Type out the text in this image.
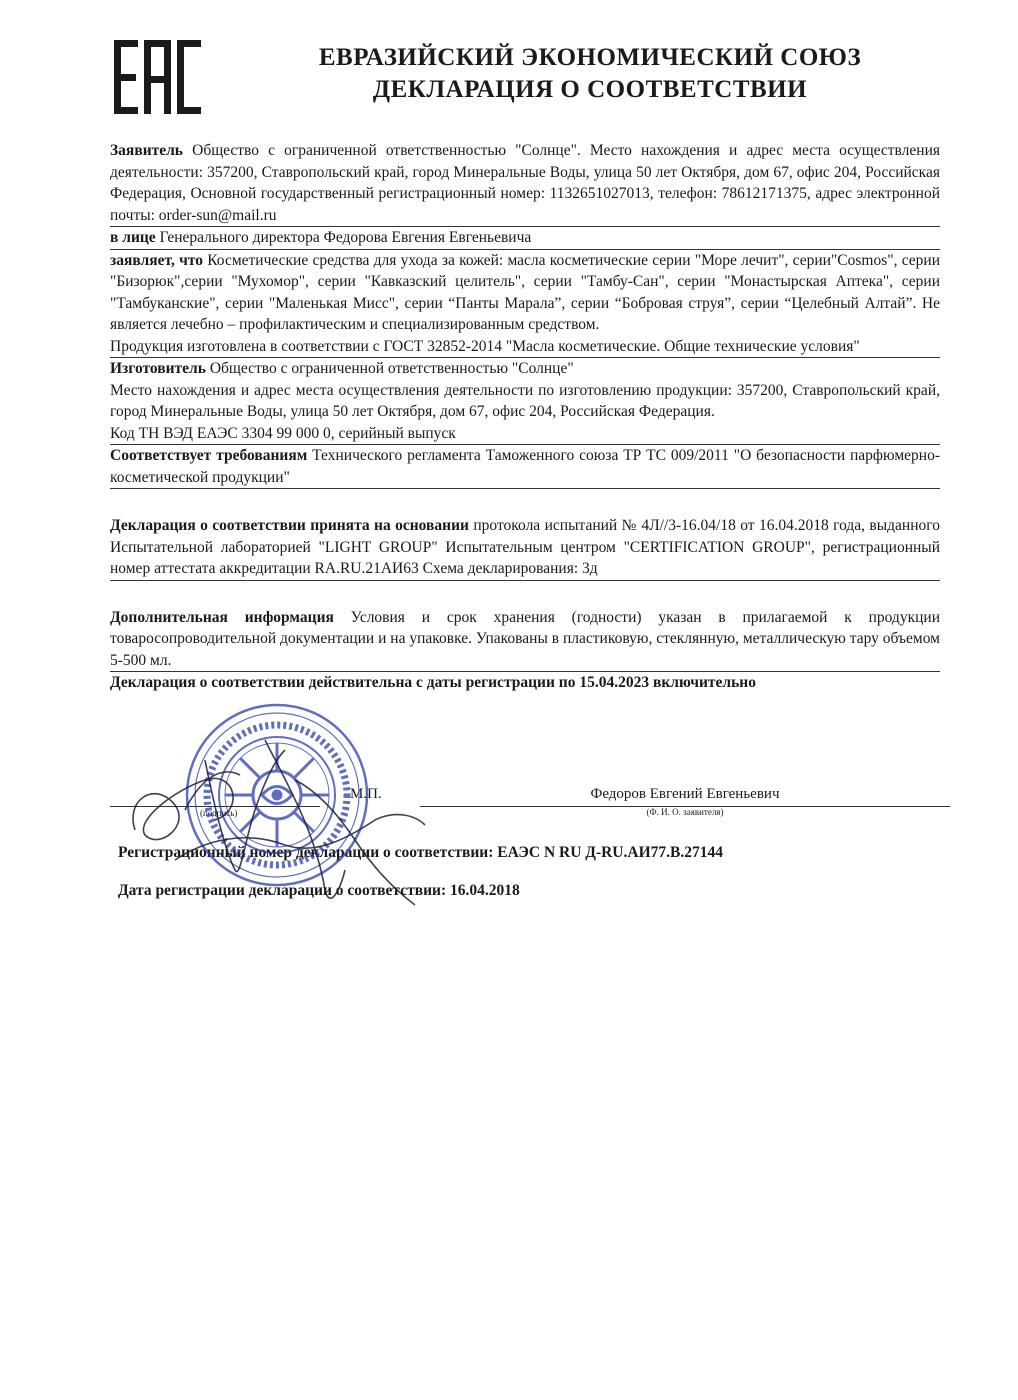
ЕВРАЗИЙСКИЙ ЭКОНОМИЧЕСКИЙ СОЮЗ
ДЕКЛАРАЦИЯ О СООТВЕТСТВИИ
Заявитель Общество с ограниченной ответственностью "Солнце". Место нахождения и адрес места осуществления деятельности: 357200, Ставропольский край, город Минеральные Воды, улица 50 лет Октября, дом 67, офис 204, Российская Федерация, Основной государственный регистрационный номер: 1132651027013, телефон: 78612171375, адрес электронной почты: order-sun@mail.ru
в лице Генерального директора Федорова Евгения Евгеньевича
заявляет, что Косметические средства для ухода за кожей: масла косметические серии "Море лечит", серии"Cosmos", серии "Бизорюк",серии "Мухомор", серии "Кавказский целитель", серии "Тамбу-Сан", серии "Монастырская Аптека", серии "Тамбуканские", серии "Маленькая Мисс", серии “Панты Марала”, серии “Бобровая струя”, серии “Целебный Алтай”. Не является лечебно – профилактическим и специализированным средством.
Продукция изготовлена в соответствии с ГОСТ 32852-2014 "Масла косметические. Общие технические условия"
Изготовитель Общество с ограниченной ответственностью "Солнце"
Место нахождения и адрес места осуществления деятельности по изготовлению продукции: 357200, Ставропольский край, город Минеральные Воды, улица 50 лет Октября, дом 67, офис 204, Российская Федерация.
Код ТН ВЭД ЕАЭС 3304 99 000 0, серийный выпуск
Соответствует требованиям Технического регламента Таможенного союза ТР ТС 009/2011 "О безопасности парфюмерно-косметической продукции"
Декларация о соответствии принята на основании протокола испытаний № 4Л//3-16.04/18 от 16.04.2018 года, выданного Испытательной лабораторией "LIGHT GROUP" Испытательным центром "CERTIFICATION GROUP", регистрационный номер аттестата аккредитации RA.RU.21АИ63 Схема декларирования: 3д
Дополнительная информация Условия и срок хранения (годности) указан в прилагаемой к продукции товаросопроводительной документации и на упаковке. Упакованы в пластиковую, стеклянную, металлическую тару объемом 5-500 мл.
Декларация о соответствии действительна с даты регистрации по 15.04.2023 включительно
(подпись)
М.П.	Федоров Евгений Евгеньевич
(Ф. И. О. заявителя)
Регистрационный номер декларации о соответствии: ЕАЭС N RU Д-RU.АИ77.В.27144
Дата регистрации декларации о соответствии: 16.04.2018
